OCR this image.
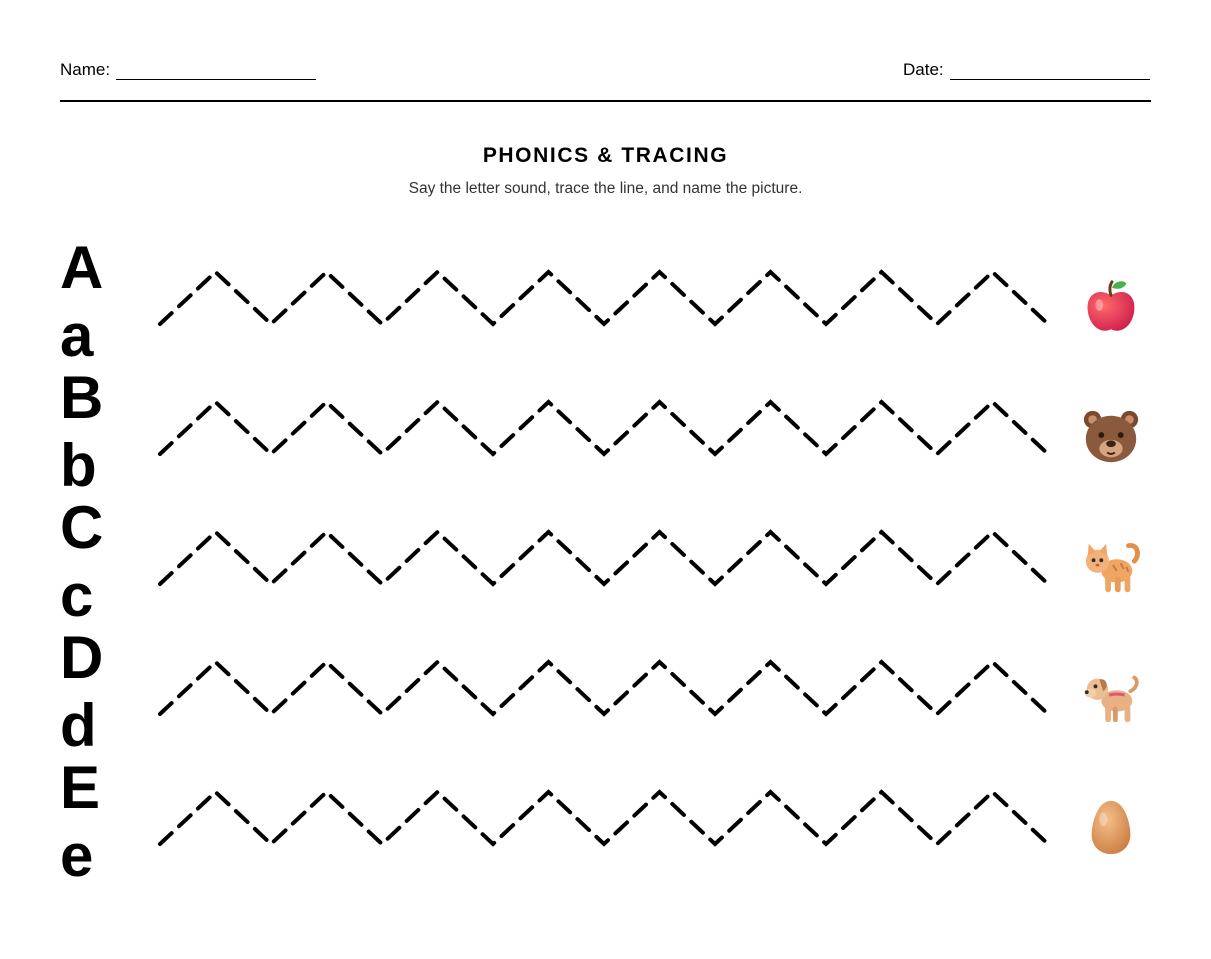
Name:	Date:
PHONICS & TRACING
Say the letter sound, trace the line, and name the picture.
A
a
B
b
C
c
D
d
E
e
